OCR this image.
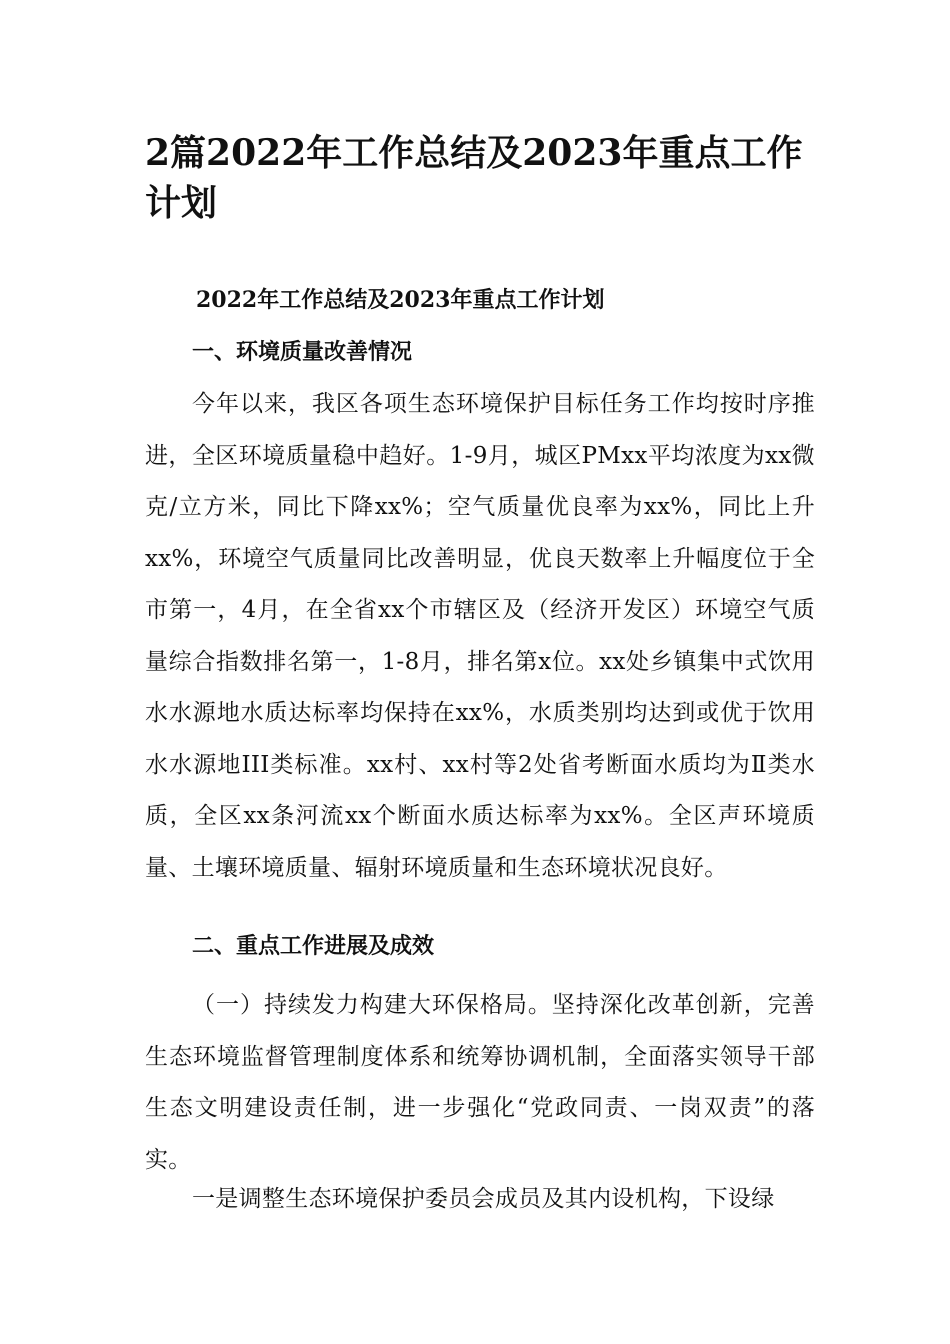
2篇2022年工作总结及2023年重点工作计划
2022年工作总结及2023年重点工作计划
一、环境质量改善情况

今年以来，我区各项生态环境保护目标任务工作均按时序推进，全区环境质量稳中趋好。1-9月，城区PMxx平均浓度为xx微克/立方米，同比下降xx%；空气质量优良率为xx%，同比上升xx%，环境空气质量同比改善明显，优良天数率上升幅度位于全市第一，4月，在全省xx个市辖区及（经济开发区）环境空气质量综合指数排名第一，1-8月，排名第x位。xx处乡镇集中式饮用水水源地水质达标率均保持在xx%，水质类别均达到或优于饮用水水源地III类标准。xx村、xx村等2处省考断面水质均为Ⅱ类水质，全区xx条河流xx个断面水质达标率为xx%。全区声环境质量、土壤环境质量、辐射环境质量和生态环境状况良好。

二、重点工作进展及成效

（一）持续发力构建大环保格局。坚持深化改革创新，完善生态环境监督管理制度体系和统筹协调机制，全面落实领导干部生态文明建设责任制，进一步强化“党政同责、一岗双责”的落实。

一是调整生态环境保护委员会成员及其内设机构，下设绿
